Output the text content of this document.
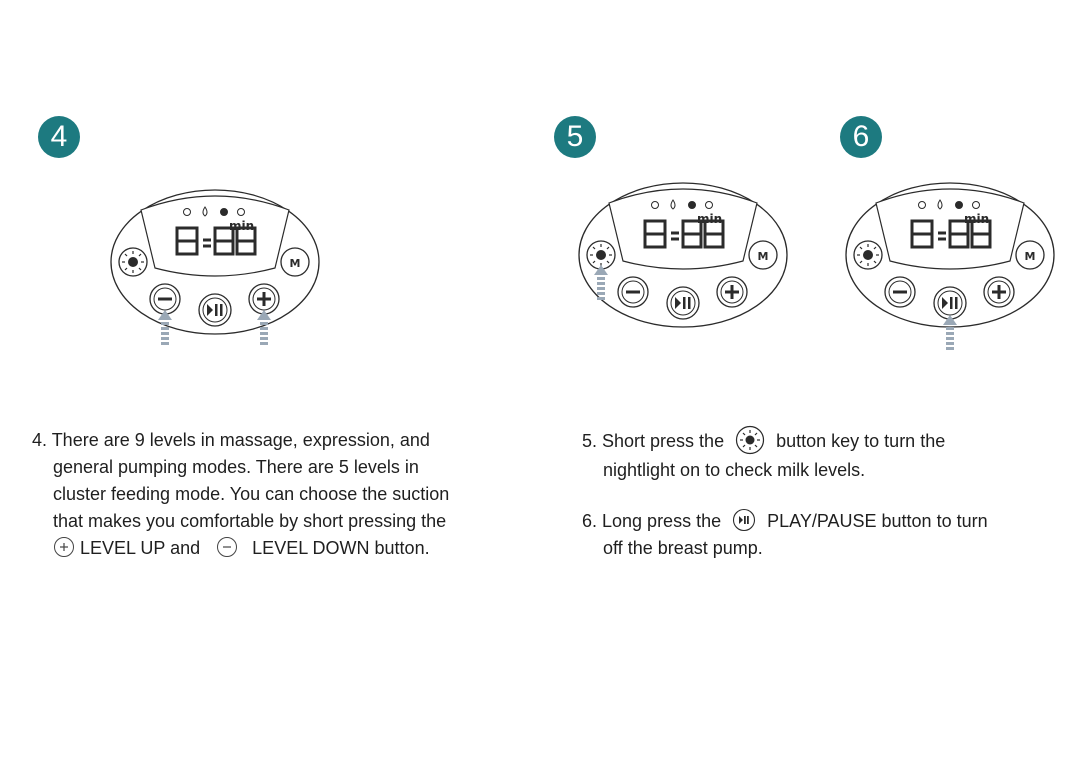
4
min
M
5
min
M
6
min
M
4. There are 9 levels in massage, expression, and
general pumping modes. There are 5 levels in
cluster feeding mode. You can choose the suction
that makes you comfortable by short pressing the
LEVEL UP and	LEVEL DOWN button.
5. Short press the	button key to turn the
nightlight on to check milk levels.
6. Long press the	PLAY/PAUSE button to turn
off the breast pump.
